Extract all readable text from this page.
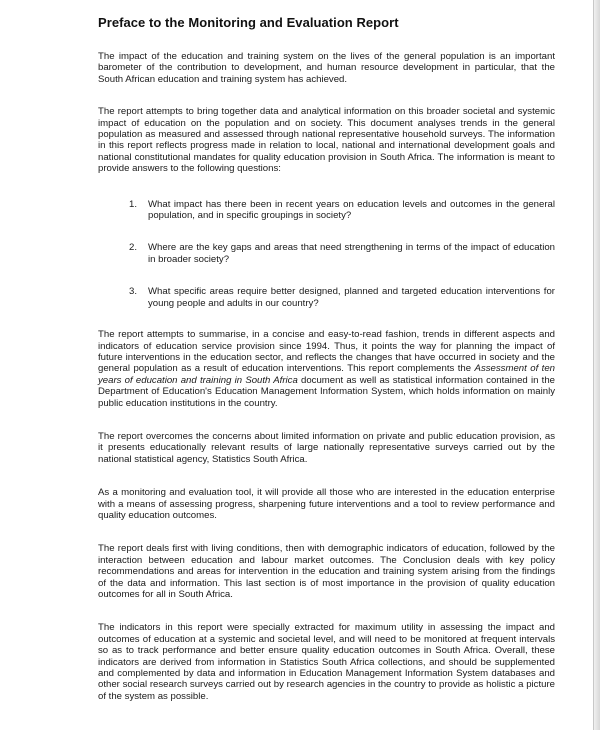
Preface to the Monitoring and Evaluation Report

The impact of the education and training system on the lives of the general population is an important barometer of the contribution to development, and human resource development in particular, that the South African education and training system has achieved.

The report attempts to bring together data and analytical information on this broader societal and systemic impact of education on the population and on society. This document analyses trends in the general population as measured and assessed through national representative household surveys. The information in this report reflects progress made in relation to local, national and international development goals and national constitutional mandates for quality education provision in South Africa. The information is meant to provide answers to the following questions:

1. What impact has there been in recent years on education levels and outcomes in the general population, and in specific groupings in society?
2. Where are the key gaps and areas that need strengthening in terms of the impact of education in broader society?
3. What specific areas require better designed, planned and targeted education interventions for young people and adults in our country?

The report attempts to summarise, in a concise and easy-to-read fashion, trends in different aspects and indicators of education service provision since 1994. Thus, it points the way for planning the impact of future interventions in the education sector, and reflects the changes that have occurred in society and the general population as a result of education interventions. This report complements the Assessment of ten years of education and training in South Africa document as well as statistical information contained in the Department of Education's Education Management Information System, which holds information on mainly public education institutions in the country.

The report overcomes the concerns about limited information on private and public education provision, as it presents educationally relevant results of large nationally representative surveys carried out by the national statistical agency, Statistics South Africa.

As a monitoring and evaluation tool, it will provide all those who are interested in the education enterprise with a means of assessing progress, sharpening future interventions and a tool to review performance and quality education outcomes.

The report deals first with living conditions, then with demographic indicators of education, followed by the interaction between education and labour market outcomes. The Conclusion deals with key policy recommendations and areas for intervention in the education and training system arising from the findings of the data and information. This last section is of most importance in the provision of quality education outcomes for all in South Africa.

The indicators in this report were specially extracted for maximum utility in assessing the impact and outcomes of education at a systemic and societal level, and will need to be monitored at frequent intervals so as to track performance and better ensure quality education outcomes in South Africa. Overall, these indicators are derived from information in Statistics South Africa collections, and should be supplemented and complemented by data and information in Education Management Information System databases and other social research surveys carried out by research agencies in the country to provide as holistic a picture of the system as possible.
